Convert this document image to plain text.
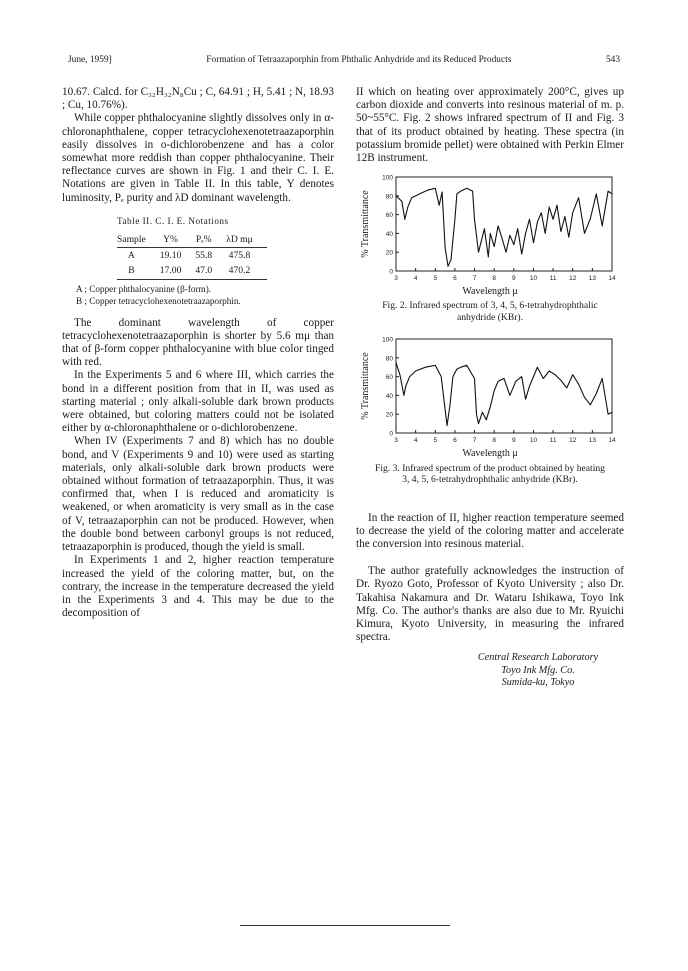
June, 1959]	Formation of Tetraazaporphin from Phthalic Anhydride and its Reduced Products	543

10.67. Calcd. for C₃₂H₃₂N₈Cu ; C, 64.91 ; H, 5.41 ; N, 18.93 ; Cu, 10.76%).

While copper phthalocyanine slightly dissolves only in α-chloronaphthalene, copper tetracyclohexenotetraazaporphin easily dissolves in o-dichlorobenzene and has a color somewhat more reddish than copper phthalocyanine. Their reflectance curves are shown in Fig. 1 and their C. I. E. Notations are given in Table II. In this table, Y denotes luminosity, Pₑ purity and λD dominant wavelength.

Table II. C. I. E. Notations
Sample	Y%	Pₑ%	λD mμ
A	19.10	55.8	475.8
B	17.00	47.0	470.2
A ; Copper phthalocyanine (β-form).
B ; Copper tetracyclohexenotetraazaporphin.

The dominant wavelength of copper tetracyclohexenotetraazaporphin is shorter by 5.6 mμ than that of β-form copper phthalocyanine with blue color tinged with red.

In the Experiments 5 and 6 where III, which carries the bond in a different position from that in II, was used as starting material ; only alkali-soluble dark brown products were obtained, but coloring matters could not be isolated either by α-chloronaphthalene or o-dichlorobenzene.

When IV (Experiments 7 and 8) which has no double bond, and V (Experiments 9 and 10) were used as starting materials, only alkali-soluble dark brown products were obtained without formation of tetraazaporphin. Thus, it was confirmed that, when I is reduced and aromaticity is weakened, or when aromaticity is very small as in the case of V, tetraazaporphin can not be produced. However, when the double bond between carbonyl groups is not reduced, tetraazaporphin is produced, though the yield is small.

In Experiments 1 and 2, higher reaction temperature increased the yield of the coloring matter, but, on the contrary, the increase in the temperature decreased the yield in the Experiments 3 and 4. This may be due to the decomposition of

II which on heating over approximately 200°C, gives up carbon dioxide and converts into resinous material of m. p. 50~55°C. Fig. 2 shows infrared spectrum of II and Fig. 3 that of its product obtained by heating. These spectra (in potassium bromide pellet) were obtained with Perkin Elmer 12B instrument.

% Transmittance
0
20
40
60
80
100
3 4 5 6 7 8 9 10 11 12 13 14
Wavelength μ
Fig. 2. Infrared spectrum of 3, 4, 5, 6-tetrahydrophthalic anhydride (KBr).
% Transmittance
0
20
40
60
80
100
3 4 5 6 7 8 9 10 11 12 13 14
Wavelength μ
Fig. 3. Infrared spectrum of the product obtained by heating 3, 4, 5, 6-tetrahydrophthalic anhydride (KBr).

In the reaction of II, higher reaction temperature seemed to decrease the yield of the coloring matter and accelerate the conversion into resinous material.

The author gratefully acknowledges the instruction of Dr. Ryozo Goto, Professor of Kyoto University ; also Dr. Takahisa Nakamura and Dr. Wataru Ishikawa, Toyo Ink Mfg. Co. The author's thanks are also due to Mr. Ryuichi Kimura, Kyoto University, in measuring the infrared spectra.

Central Research Laboratory
Toyo Ink Mfg. Co.
Sumida-ku, Tokyo
